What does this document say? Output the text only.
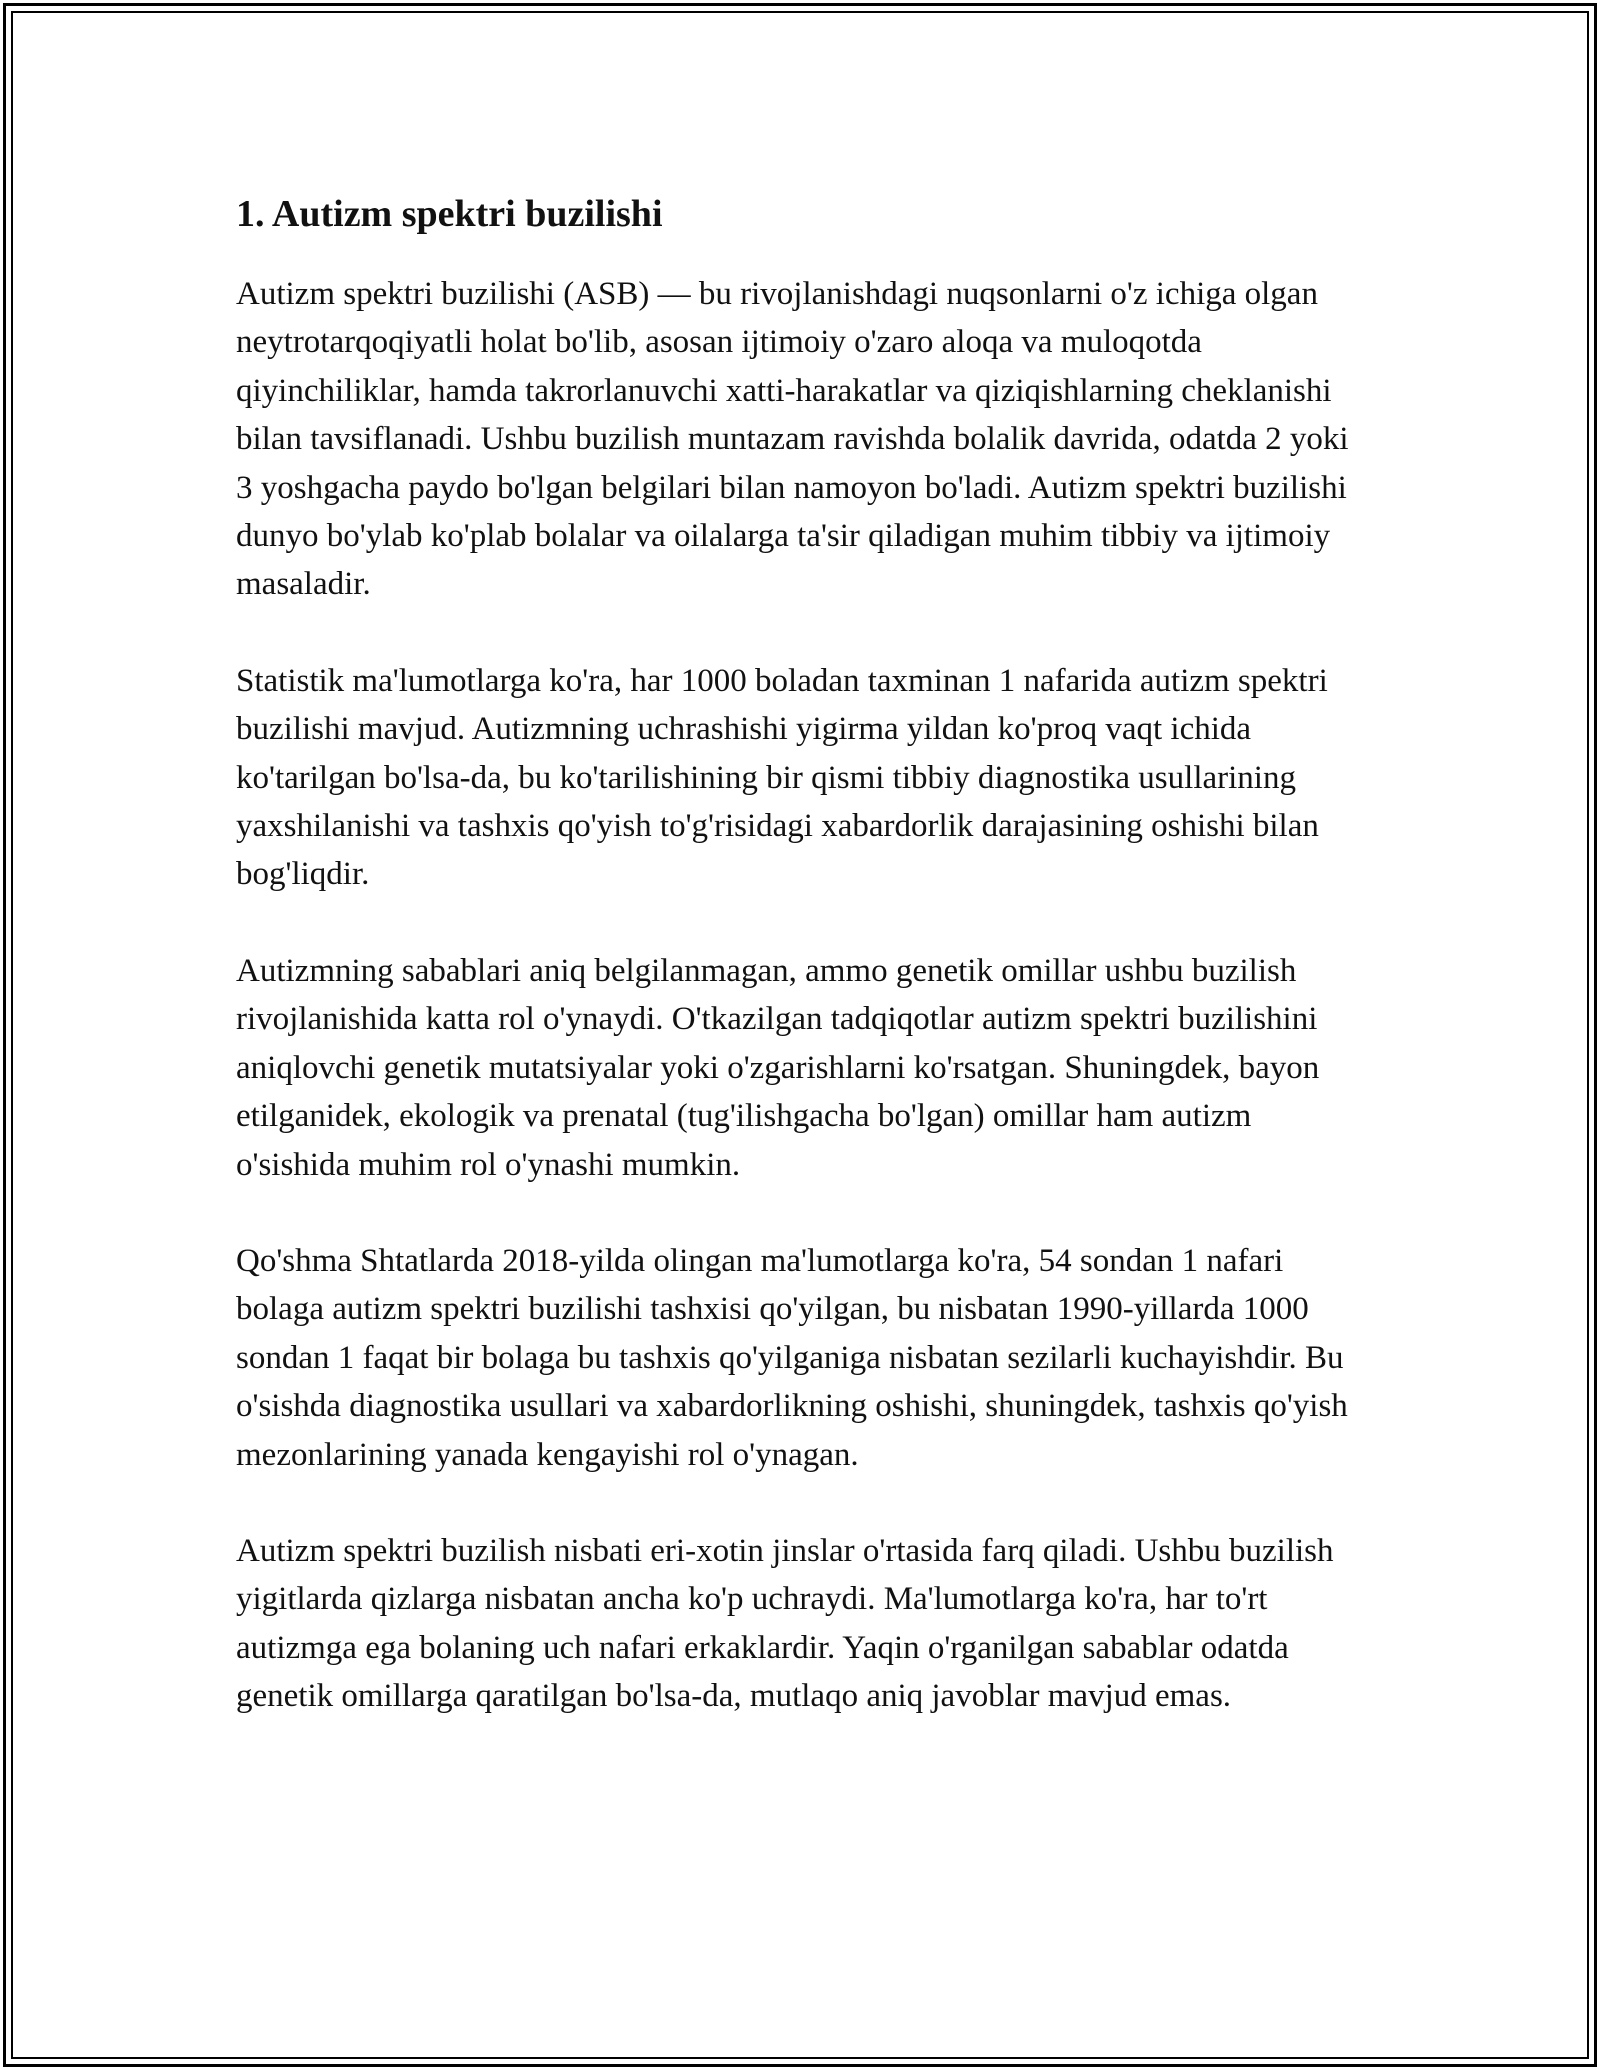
1. Autizm spektri buzilishi

Autizm spektri buzilishi (ASB) — bu rivojlanishdagi nuqsonlarni o'z ichiga olgan neytrotarqoqiyatli holat bo'lib, asosan ijtimoiy o'zaro aloqa va muloqotda qiyinchiliklar, hamda takrorlanuvchi xatti-harakatlar va qiziqishlarning cheklanishi bilan tavsiflanadi. Ushbu buzilish muntazam ravishda bolalik davrida, odatda 2 yoki 3 yoshgacha paydo bo'lgan belgilari bilan namoyon bo'ladi. Autizm spektri buzilishi dunyo bo'ylab ko'plab bolalar va oilalarga ta'sir qiladigan muhim tibbiy va ijtimoiy masaladir.

Statistik ma'lumotlarga ko'ra, har 1000 boladan taxminan 1 nafarida autizm spektri buzilishi mavjud. Autizmning uchrashishi yigirma yildan ko'proq vaqt ichida ko'tarilgan bo'lsa-da, bu ko'tarilishining bir qismi tibbiy diagnostika usullarining yaxshilanishi va tashxis qo'yish to'g'risidagi xabardorlik darajasining oshishi bilan bog'liqdir.

Autizmning sabablari aniq belgilanmagan, ammo genetik omillar ushbu buzilish rivojlanishida katta rol o'ynaydi. O'tkazilgan tadqiqotlar autizm spektri buzilishini aniqlovchi genetik mutatsiyalar yoki o'zgarishlarni ko'rsatgan. Shuningdek, bayon etilganidek, ekologik va prenatal (tug'ilishgacha bo'lgan) omillar ham autizm o'sishida muhim rol o'ynashi mumkin.

Qo'shma Shtatlarda 2018-yilda olingan ma'lumotlarga ko'ra, 54 sondan 1 nafari bolaga autizm spektri buzilishi tashxisi qo'yilgan, bu nisbatan 1990-yillarda 1000 sondan 1 faqat bir bolaga bu tashxis qo'yilganiga nisbatan sezilarli kuchayishdir. Bu o'sishda diagnostika usullari va xabardorlikning oshishi, shuningdek, tashxis qo'yish mezonlarining yanada kengayishi rol o'ynagan.

Autizm spektri buzilish nisbati eri-xotin jinslar o'rtasida farq qiladi. Ushbu buzilish yigitlarda qizlarga nisbatan ancha ko'p uchraydi. Ma'lumotlarga ko'ra, har to'rt autizmga ega bolaning uch nafari erkaklardir. Yaqin o'rganilgan sabablar odatda genetik omillarga qaratilgan bo'lsa-da, mutlaqo aniq javoblar mavjud emas.
